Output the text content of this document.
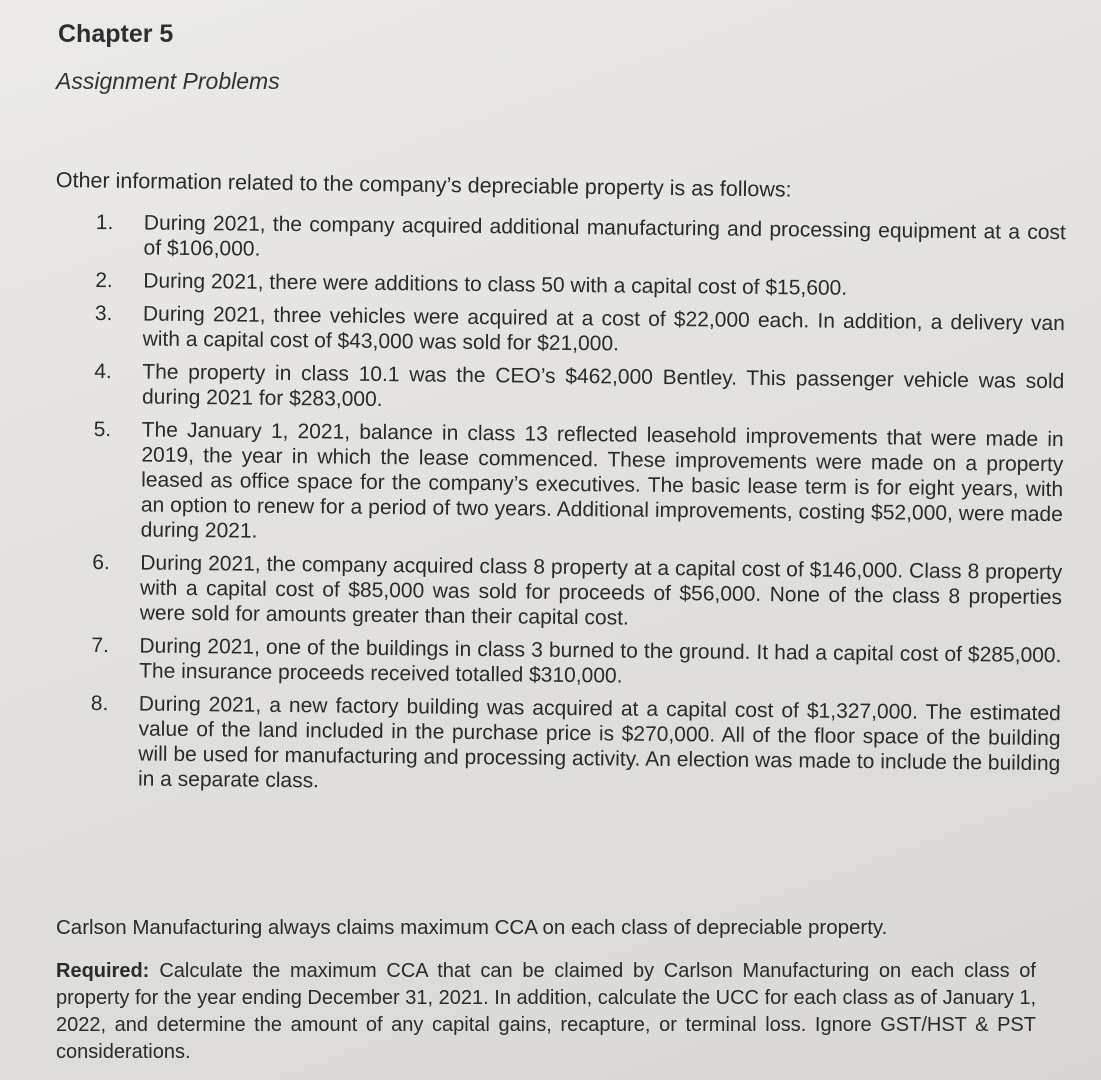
Chapter 5
Assignment Problems
Other information related to the company’s depreciable property is as follows:
1.	During 2021, the company acquired additional manufacturing and processing equipment at a cost of $106,000.
2.	During 2021, there were additions to class 50 with a capital cost of $15,600.
3.	During 2021, three vehicles were acquired at a cost of $22,000 each. In addition, a delivery van with a capital cost of $43,000 was sold for $21,000.
4.	The property in class 10.1 was the CEO’s $462,000 Bentley. This passenger vehicle was sold during 2021 for $283,000.
5.	The January 1, 2021, balance in class 13 reflected leasehold improvements that were made in 2019, the year in which the lease commenced. These improvements were made on a property leased as office space for the company’s executives. The basic lease term is for eight years, with an option to renew for a period of two years. Additional improvements, costing $52,000, were made during 2021.
6.	During 2021, the company acquired class 8 property at a capital cost of $146,000. Class 8 property with a capital cost of $85,000 was sold for proceeds of $56,000. None of the class 8 properties were sold for amounts greater than their capital cost.
7.	During 2021, one of the buildings in class 3 burned to the ground. It had a capital cost of $285,000. The insurance proceeds received totalled $310,000.
8.	During 2021, a new factory building was acquired at a capital cost of $1,327,000. The estimated value of the land included in the purchase price is $270,000. All of the floor space of the building will be used for manufacturing and processing activity. An election was made to include the building in a separate class.
Carlson Manufacturing always claims maximum CCA on each class of depreciable property.
Required: Calculate the maximum CCA that can be claimed by Carlson Manufacturing on each class of property for the year ending December 31, 2021. In addition, calculate the UCC for each class as of January 1, 2022, and determine the amount of any capital gains, recapture, or terminal loss. Ignore GST/HST & PST considerations.
